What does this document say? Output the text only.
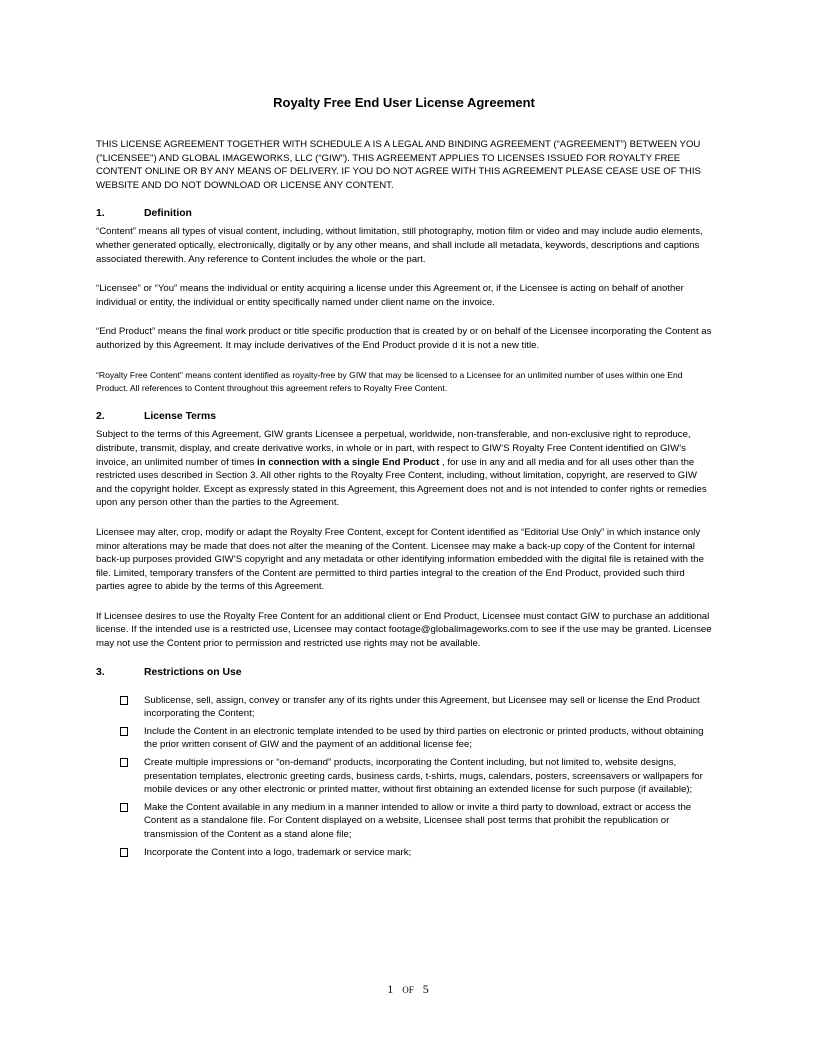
Royalty Free End User License Agreement

THIS LICENSE AGREEMENT TOGETHER WITH SCHEDULE A IS A LEGAL AND BINDING AGREEMENT (“AGREEMENT”) BETWEEN YOU ("LICENSEE") AND GLOBAL IMAGEWORKS, LLC (“GIW”). THIS AGREEMENT APPLIES TO LICENSES ISSUED FOR ROYALTY FREE CONTENT ONLINE OR BY ANY MEANS OF DELIVERY. IF YOU DO NOT AGREE WITH THIS AGREEMENT PLEASE CEASE USE OF THIS WEBSITE AND DO NOT DOWNLOAD OR LICENSE ANY CONTENT.

1.	Definition

“Content” means all types of visual content, including, without limitation, still photography, motion film or video and may include audio elements, whether generated optically, electronically, digitally or by any other means, and shall include all metadata, keywords, descriptions and captions associated therewith. Any reference to Content includes the whole or the part.

“Licensee” or “You” means the individual or entity acquiring a license under this Agreement or, if the Licensee is acting on behalf of another individual or entity, the individual or entity specifically named under client name on the invoice.

“End Product” means the final work product or title specific production that is created by or on behalf of the Licensee incorporating the Content as authorized by this Agreement. It may include derivatives of the End Product provide d it is not a new title.

“Royalty Free Content” means content identified as royalty-free by GIW that may be licensed to a Licensee for an unlimited number of uses within one End Product. All references to Content throughout this agreement refers to Royalty Free Content.

2.	License Terms

Subject to the terms of this Agreement, GIW grants Licensee a perpetual, worldwide, non-transferable, and non-exclusive right to reproduce, distribute, transmit, display, and create derivative works, in whole or in part, with respect to GIW’S Royalty Free Content identified on GIW’s invoice, an unlimited number of times in connection with a single End Product , for use in any and all media and for all uses other than the restricted uses described in Section 3. All other rights to the Royalty Free Content, including, without limitation, copyright, are reserved to GIW and the copyright holder. Except as expressly stated in this Agreement, this Agreement does not and is not intended to confer rights or remedies upon any person other than the parties to the Agreement.

Licensee may alter, crop, modify or adapt the Royalty Free Content, except for Content identified as “Editorial Use Only” in which instance only minor alterations may be made that does not alter the meaning of the Content. Licensee may make a back-up copy of the Content for internal back-up purposes provided GIW’S copyright and any metadata or other identifying information embedded with the digital file is retained with the file. Limited, temporary transfers of the Content are permitted to third parties integral to the creation of the End Product, provided such third parties agree to abide by the terms of this Agreement.

If Licensee desires to use the Royalty Free Content for an additional client or End Product, Licensee must contact GIW to purchase an additional license. If the intended use is a restricted use, Licensee may contact footage@globalimageworks.com to see if the use may be granted. Licensee may not use the Content prior to permission and restricted use rights may not be available.

3.	Restrictions on Use

Sublicense, sell, assign, convey or transfer any of its rights under this Agreement, but Licensee may sell or license the End Product incorporating the Content;

Include the Content in an electronic template intended to be used by third parties on electronic or printed products, without obtaining the prior written consent of GIW and the payment of an additional license fee;

Create multiple impressions or “on-demand” products, incorporating the Content including, but not limited to, website designs, presentation templates, electronic greeting cards, business cards, t-shirts, mugs, calendars, posters, screensavers or wallpapers for mobile devices or any other electronic or printed matter, without first obtaining an extended license for such purpose (if available);

Make the Content available in any medium in a manner intended to allow or invite a third party to download, extract or access the Content as a standalone file. For Content displayed on a website, Licensee shall post terms that prohibit the republication or transmission of the Content as a stand alone file;

Incorporate the Content into a logo, trademark or service mark;

1 OF 5
